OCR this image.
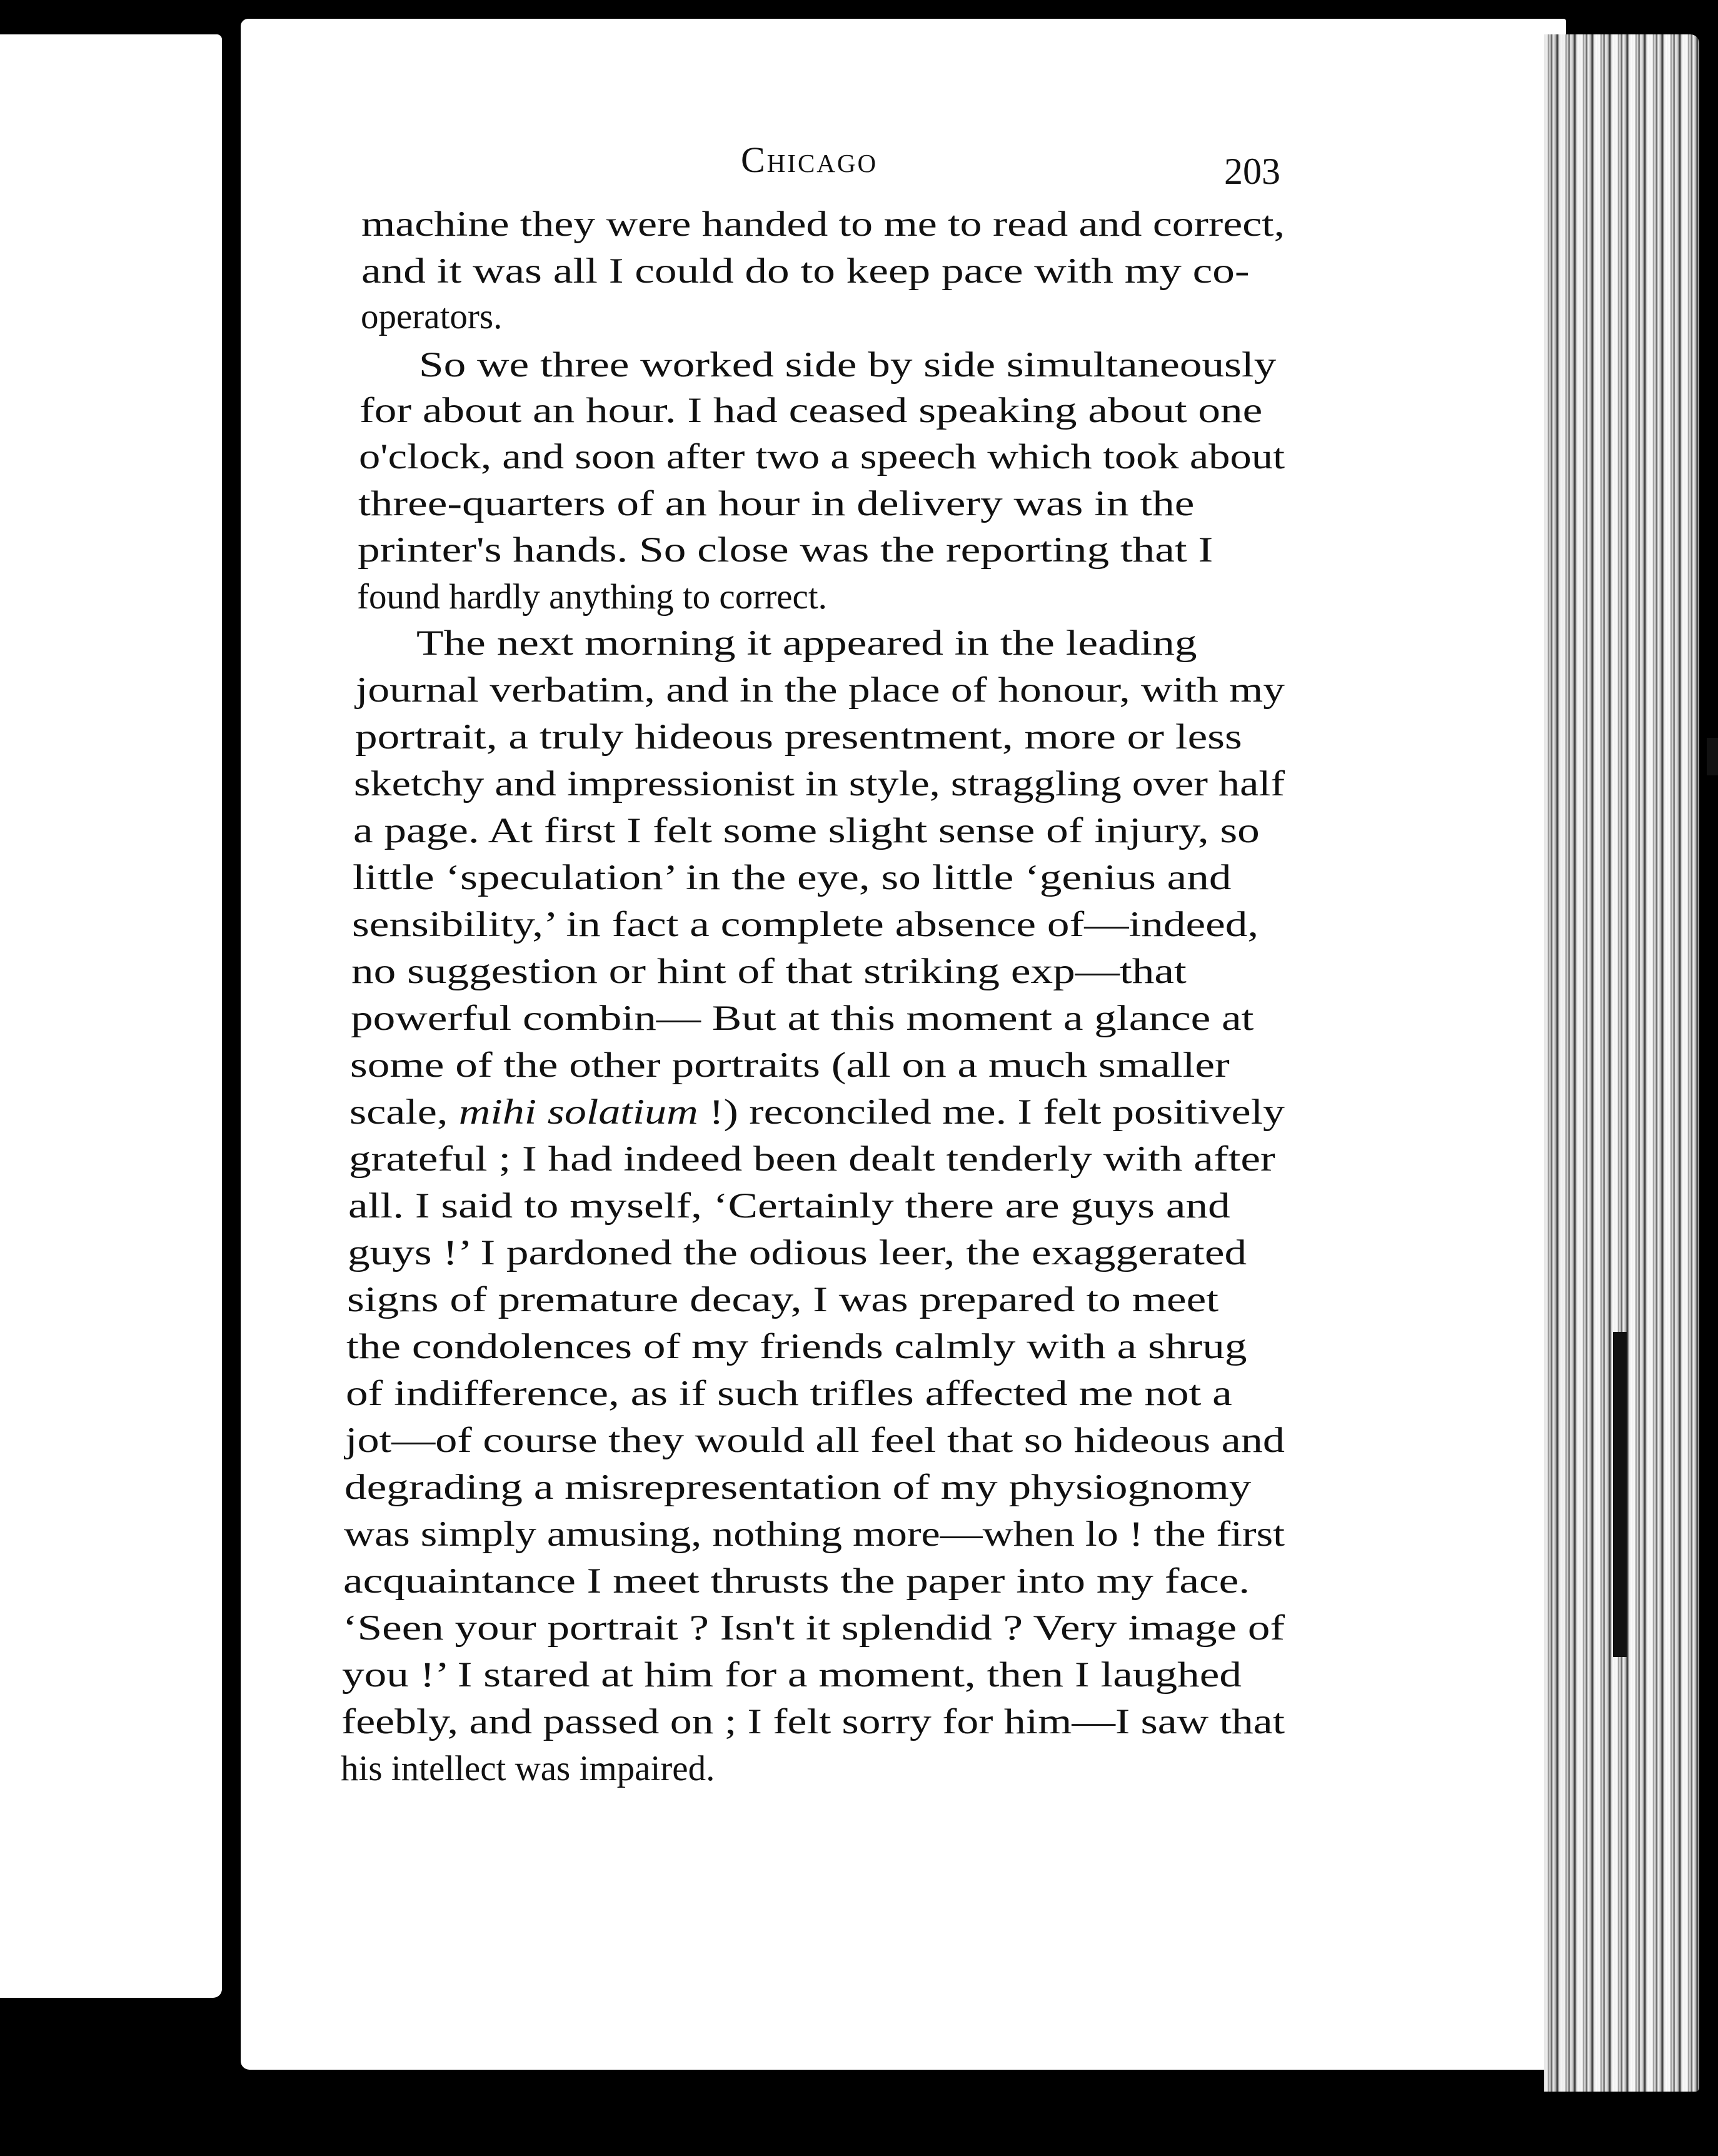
Chicago	203
machine they were handed to me to read and correct,
and it was all I could do to keep pace with my co-
operators.
So we three worked side by side simultaneously
for about an hour. I had ceased speaking about one
o'clock, and soon after two a speech which took about
three-quarters of an hour in delivery was in the
printer's hands. So close was the reporting that I
found hardly anything to correct.
The next morning it appeared in the leading
journal verbatim, and in the place of honour, with my
portrait, a truly hideous presentment, more or less
sketchy and impressionist in style, straggling over half
a page. At first I felt some slight sense of injury, so
little ‘speculation’ in the eye, so little ‘genius and
sensibility,’ in fact a complete absence of—indeed,
no suggestion or hint of that striking exp—that
powerful combin— But at this moment a glance at
some of the other portraits (all on a much smaller
scale, mihi solatium !) reconciled me. I felt positively
grateful ; I had indeed been dealt tenderly with after
all. I said to myself, ‘Certainly there are guys and
guys !’ I pardoned the odious leer, the exaggerated
signs of premature decay, I was prepared to meet
the condolences of my friends calmly with a shrug
of indifference, as if such trifles affected me not a
jot—of course they would all feel that so hideous and
degrading a misrepresentation of my physiognomy
was simply amusing, nothing more—when lo ! the first
acquaintance I meet thrusts the paper into my face.
‘Seen your portrait ? Isn't it splendid ? Very image of
you !’ I stared at him for a moment, then I laughed
feebly, and passed on ; I felt sorry for him—I saw that
his intellect was impaired.
